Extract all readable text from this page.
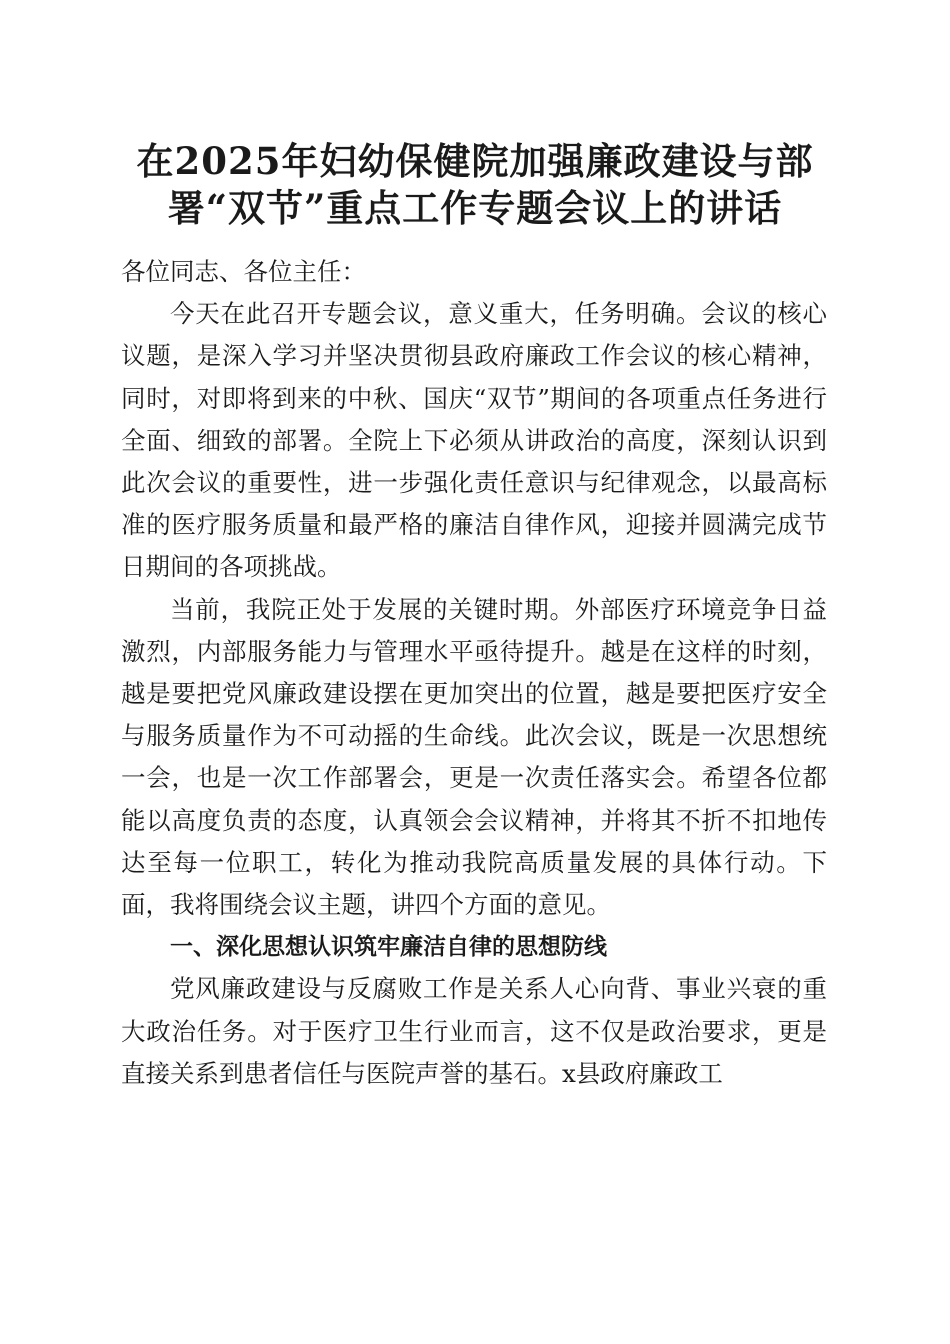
在2025年妇幼保健院加强廉政建设与部
署“双节”重点工作专题会议上的讲话

各位同志、各位主任：

今天在此召开专题会议，意义重大，任务明确。会议的核心议题，是深入学习并坚决贯彻县政府廉政工作会议的核心精神，同时，对即将到来的中秋、国庆“双节”期间的各项重点任务进行全面、细致的部署。全院上下必须从讲政治的高度，深刻认识到此次会议的重要性，进一步强化责任意识与纪律观念，以最高标准的医疗服务质量和最严格的廉洁自律作风，迎接并圆满完成节日期间的各项挑战。

当前，我院正处于发展的关键时期。外部医疗环境竞争日益激烈，内部服务能力与管理水平亟待提升。越是在这样的时刻，越是要把党风廉政建设摆在更加突出的位置，越是要把医疗安全与服务质量作为不可动摇的生命线。此次会议，既是一次思想统一会，也是一次工作部署会，更是一次责任落实会。希望各位都能以高度负责的态度，认真领会会议精神，并将其不折不扣地传达至每一位职工，转化为推动我院高质量发展的具体行动。下面，我将围绕会议主题，讲四个方面的意见。

一、深化思想认识筑牢廉洁自律的思想防线

党风廉政建设与反腐败工作是关系人心向背、事业兴衰的重大政治任务。对于医疗卫生行业而言，这不仅是政治要求，更是直接关系到患者信任与医院声誉的基石。x县政府廉政工
